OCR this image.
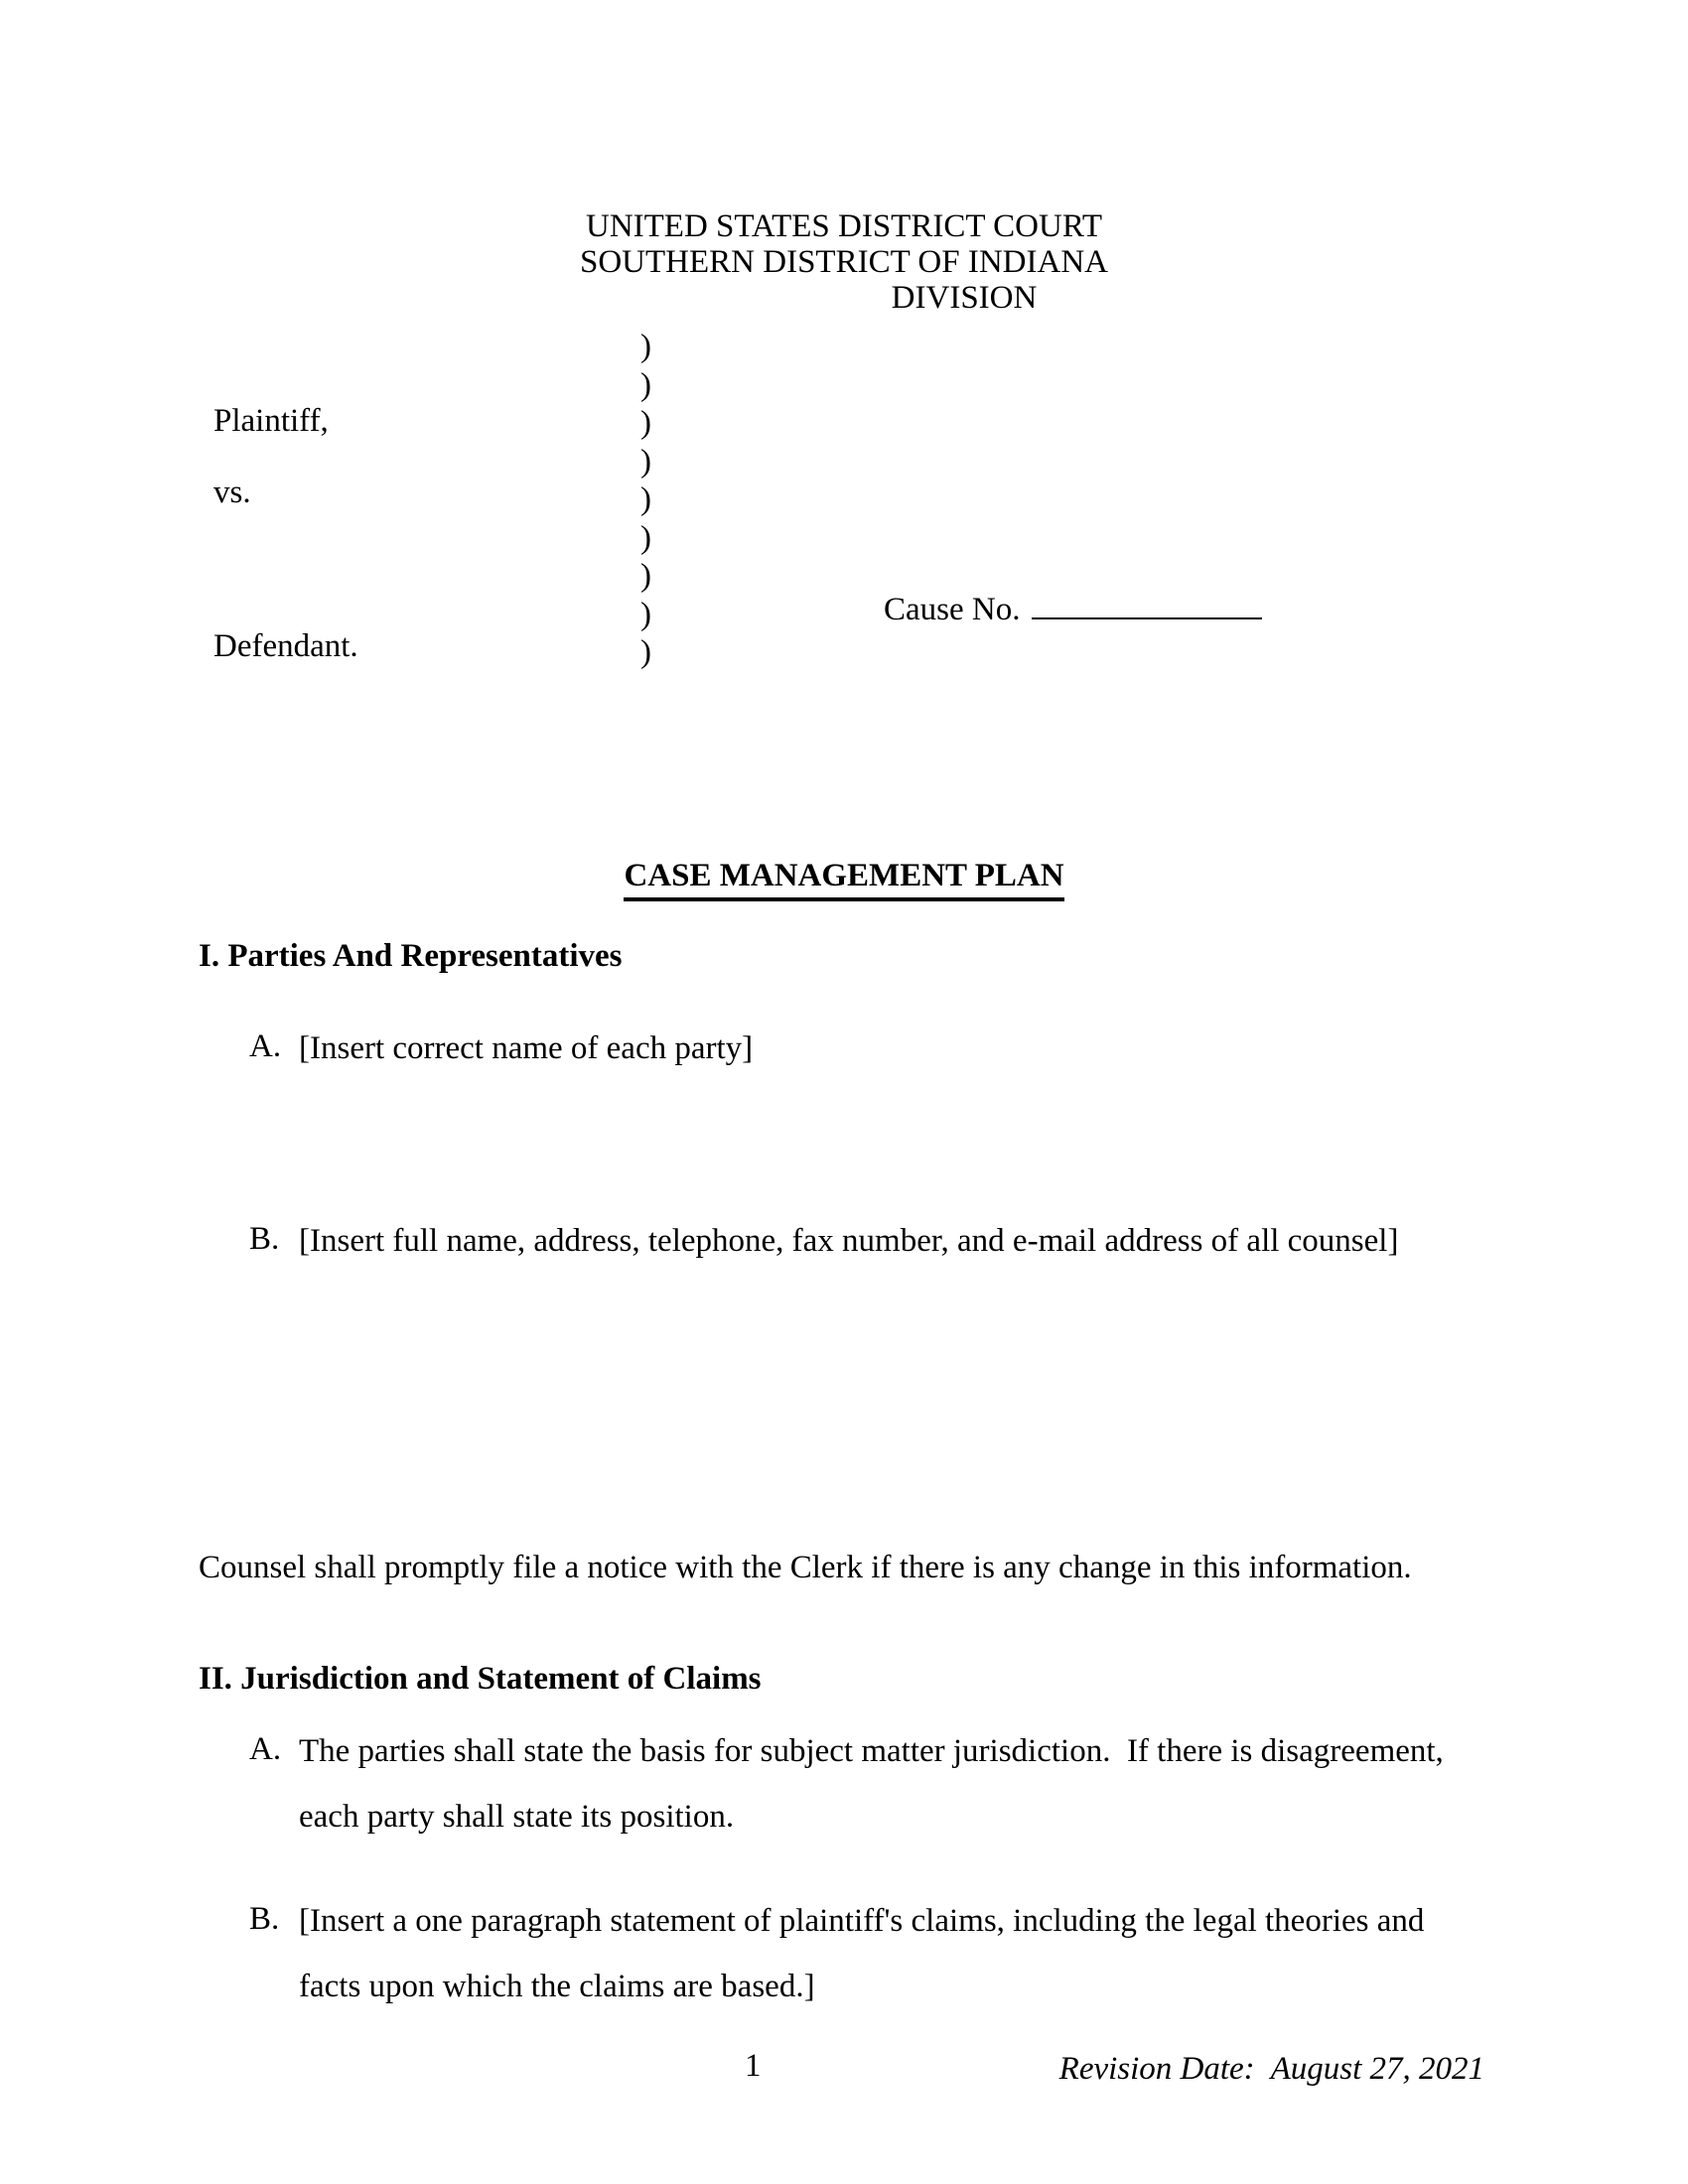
UNITED STATES DISTRICT COURT
SOUTHERN DISTRICT OF INDIANA
DIVISION
)
)
)
)
)
)
)
)
)
Plaintiff,
vs.
Defendant.

Cause No.

CASE MANAGEMENT PLAN
I. Parties And Representatives
A. [Insert correct name of each party]
B. [Insert full name, address, telephone, fax number, and e-mail address of all counsel]
Counsel shall promptly file a notice with the Clerk if there is any change in this information.
II. Jurisdiction and Statement of Claims
A. The parties shall state the basis for subject matter jurisdiction.  If there is disagreement,
each party shall state its position.
B. [Insert a one paragraph statement of plaintiff's claims, including the legal theories and
facts upon which the claims are based.]
1	Revision Date:  August 27, 2021
